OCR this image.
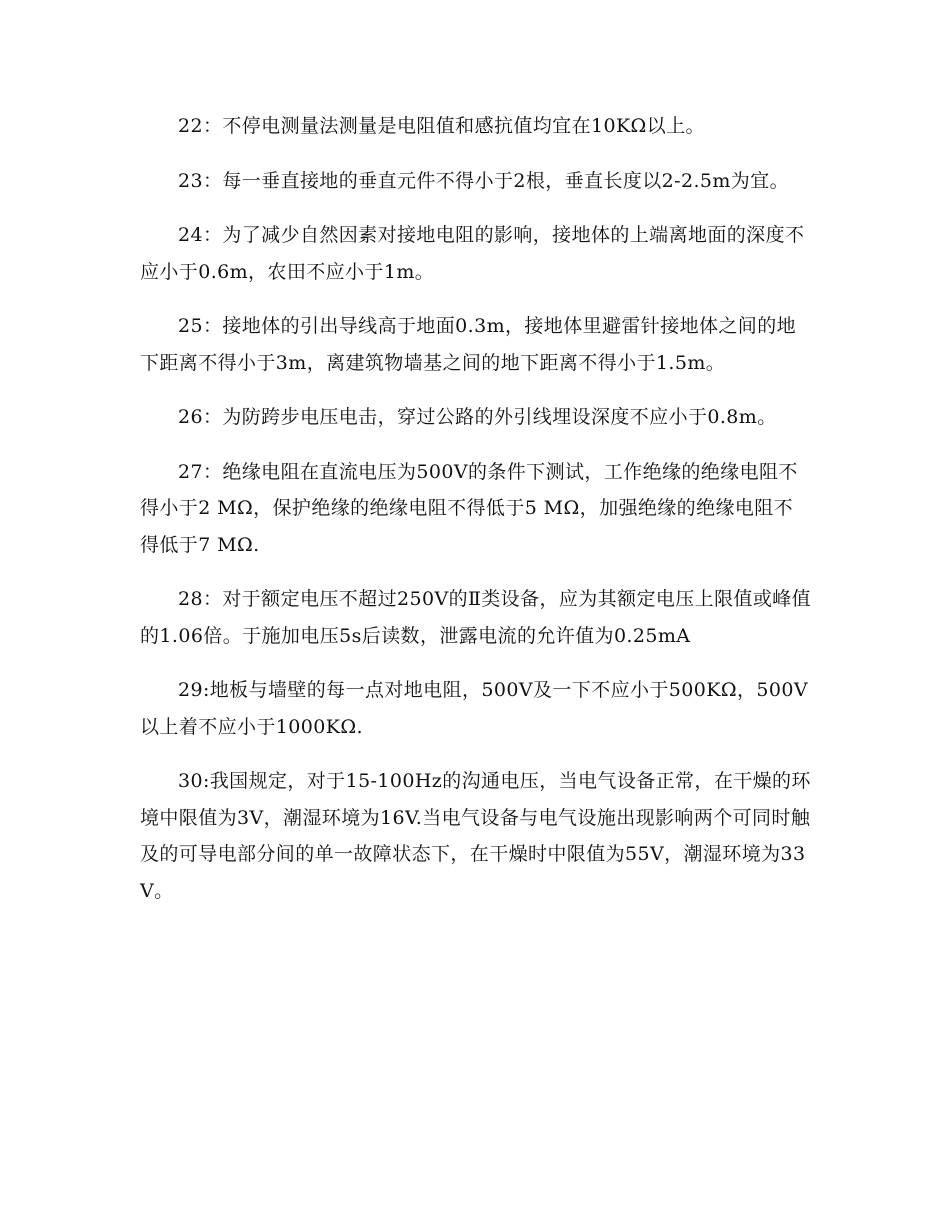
22：不停电测量法测量是电阻值和感抗值均宜在10KΩ以上。

23：每一垂直接地的垂直元件不得小于2根，垂直长度以2-2.5m为宜。

24：为了减少自然因素对接地电阻的影响，接地体的上端离地面的深度不应小于0.6m，农田不应小于1m。

25：接地体的引出导线高于地面0.3m，接地体里避雷针接地体之间的地下距离不得小于3m，离建筑物墙基之间的地下距离不得小于1.5m。

26：为防跨步电压电击，穿过公路的外引线埋设深度不应小于0.8m。

27：绝缘电阻在直流电压为500V的条件下测试，工作绝缘的绝缘电阻不得小于2 MΩ，保护绝缘的绝缘电阻不得低于5 MΩ，加强绝缘的绝缘电阻不得低于7 MΩ.

28：对于额定电压不超过250V的Ⅱ类设备，应为其额定电压上限值或峰值的1.06倍。于施加电压5s后读数，泄露电流的允许值为0.25mA

29:地板与墙壁的每一点对地电阻，500V及一下不应小于500KΩ，500V以上着不应小于1000KΩ.

30:我国规定，对于15-100Hz的沟通电压，当电气设备正常，在干燥的环境中限值为3V，潮湿环境为16V.当电气设备与电气设施出现影响两个可同时触及的可导电部分间的单一故障状态下，在干燥时中限值为55V，潮湿环境为33V。
